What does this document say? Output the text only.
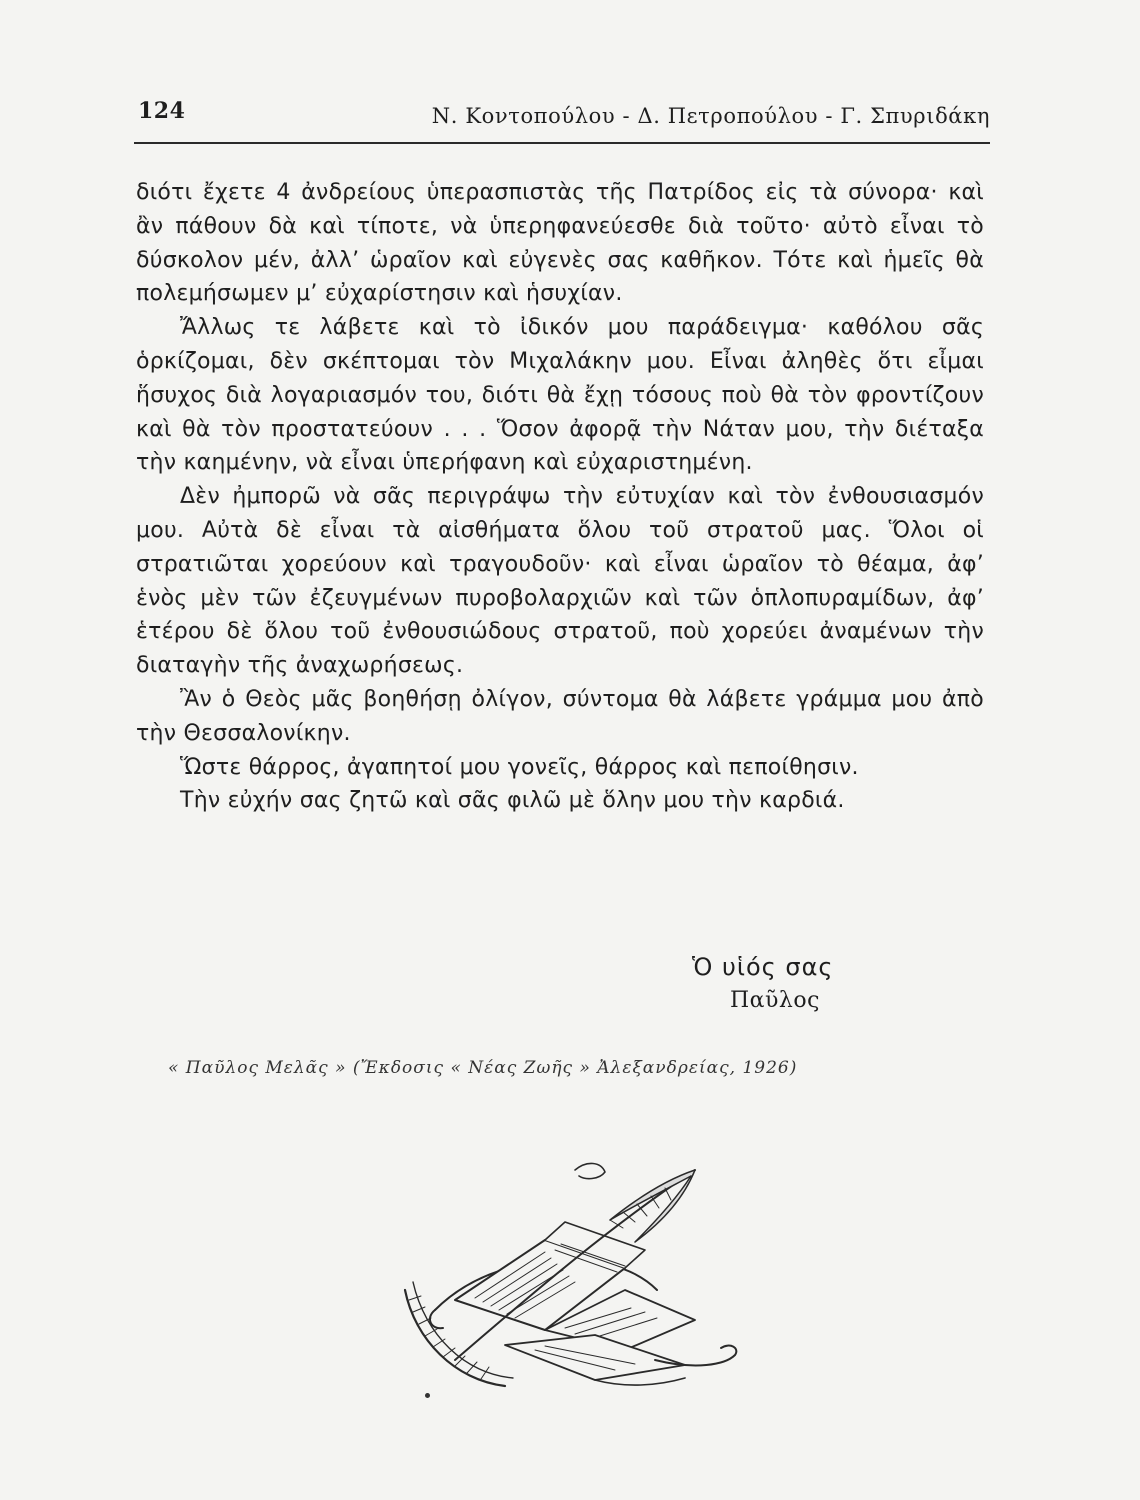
124	Ν. Κοντοπούλου - Δ. Πετροπούλου - Γ. Σπυριδάκη

διότι ἔχετε 4 ἀνδρείους ὑπερασπιστὰς τῆς Πατρίδος εἰς τὰ σύνορα· καὶ ἂν πάθουν δὰ καὶ τίποτε, νὰ ὑπερηφανεύεσθε διὰ τοῦτο· αὐτὸ εἶναι τὸ δύσκολον μέν, ἀλλ’ ὡραῖον καὶ εὐγενὲς σας καθῆκον. Τότε καὶ ἡμεῖς θὰ πολεμήσωμεν μ’ εὐχαρίστησιν καὶ ἡσυχίαν.

Ἄλλως τε λάβετε καὶ τὸ ἰδικόν μου παράδειγμα· καθόλου σᾶς ὁρκίζομαι, δὲν σκέπτομαι τὸν Μιχαλάκην μου. Εἶναι ἀληθὲς ὅτι εἶμαι ἥσυχος διὰ λογαριασμόν του, διότι θὰ ἔχῃ τόσους ποὺ θὰ τὸν φροντίζουν καὶ θὰ τὸν προστατεύουν . . . Ὅσον ἀφορᾷ τὴν Νάταν μου, τὴν διέταξα τὴν καημένην, νὰ εἶναι ὑπερήφανη καὶ εὐχαριστημένη.

Δὲν ἠμπορῶ νὰ σᾶς περιγράψω τὴν εὐτυχίαν καὶ τὸν ἐνθουσιασμόν μου. Αὐτὰ δὲ εἶναι τὰ αἰσθήματα ὅλου τοῦ στρατοῦ μας. Ὅλοι οἱ στρατιῶται χορεύουν καὶ τραγουδοῦν· καὶ εἶναι ὡραῖον τὸ θέαμα, ἀφ’ ἑνὸς μὲν τῶν ἐζευγμένων πυροβολαρχιῶν καὶ τῶν ὁπλοπυραμίδων, ἀφ’ ἑτέρου δὲ ὅλου τοῦ ἐνθουσιώδους στρατοῦ, ποὺ χορεύει ἀναμένων τὴν διαταγὴν τῆς ἀναχωρήσεως.

Ἂν ὁ Θεὸς μᾶς βοηθήσῃ ὀλίγον, σύντομα θὰ λάβετε γράμμα μου ἀπὸ τὴν Θεσσαλονίκην.

Ὥστε θάρρος, ἀγαπητοί μου γονεῖς, θάρρος καὶ πεποίθησιν.

Τὴν εὐχήν σας ζητῶ καὶ σᾶς φιλῶ μὲ ὅλην μου τὴν καρδιά.

Ὁ υἱός σας
Παῦλος
« Παῦλος Μελᾶς » (Ἔκδοσις « Νέας Ζωῆς » Ἀλεξανδρείας, 1926)
